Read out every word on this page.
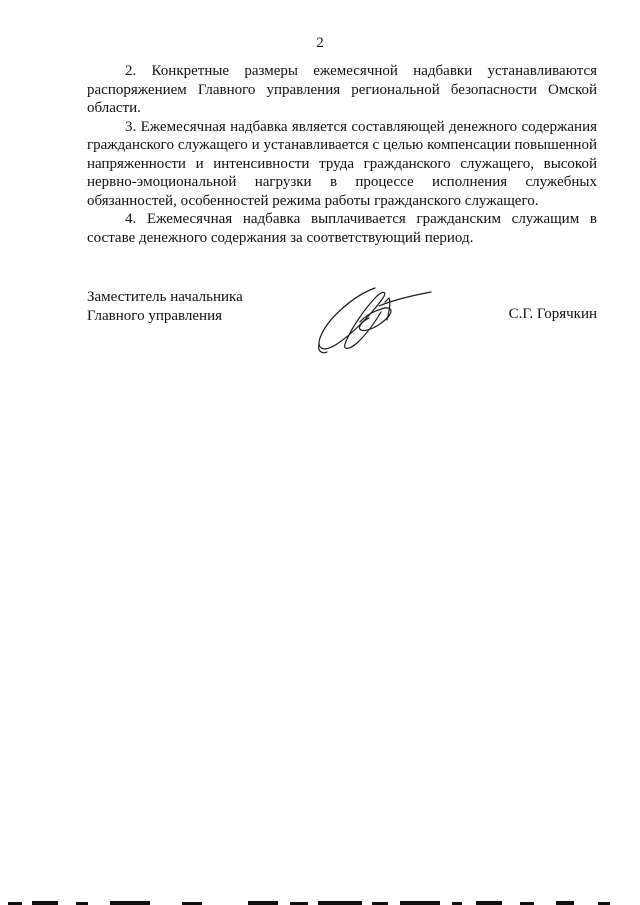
2

2. Конкретные размеры ежемесячной надбавки устанавливаются распоряжением Главного управления региональной безопасности Омской области.

3. Ежемесячная надбавка является составляющей денежного содержания гражданского служащего и устанавливается с целью компенсации повышенной напряженности и интенсивности труда гражданского служащего, высокой нервно-эмоциональной нагрузки в процессе исполнения служебных обязанностей, особенностей режима работы гражданского служащего.

4. Ежемесячная надбавка выплачивается гражданским служащим в составе денежного содержания за соответствующий период.

Заместитель начальника
Главного управления	С.Г. Горячкин
